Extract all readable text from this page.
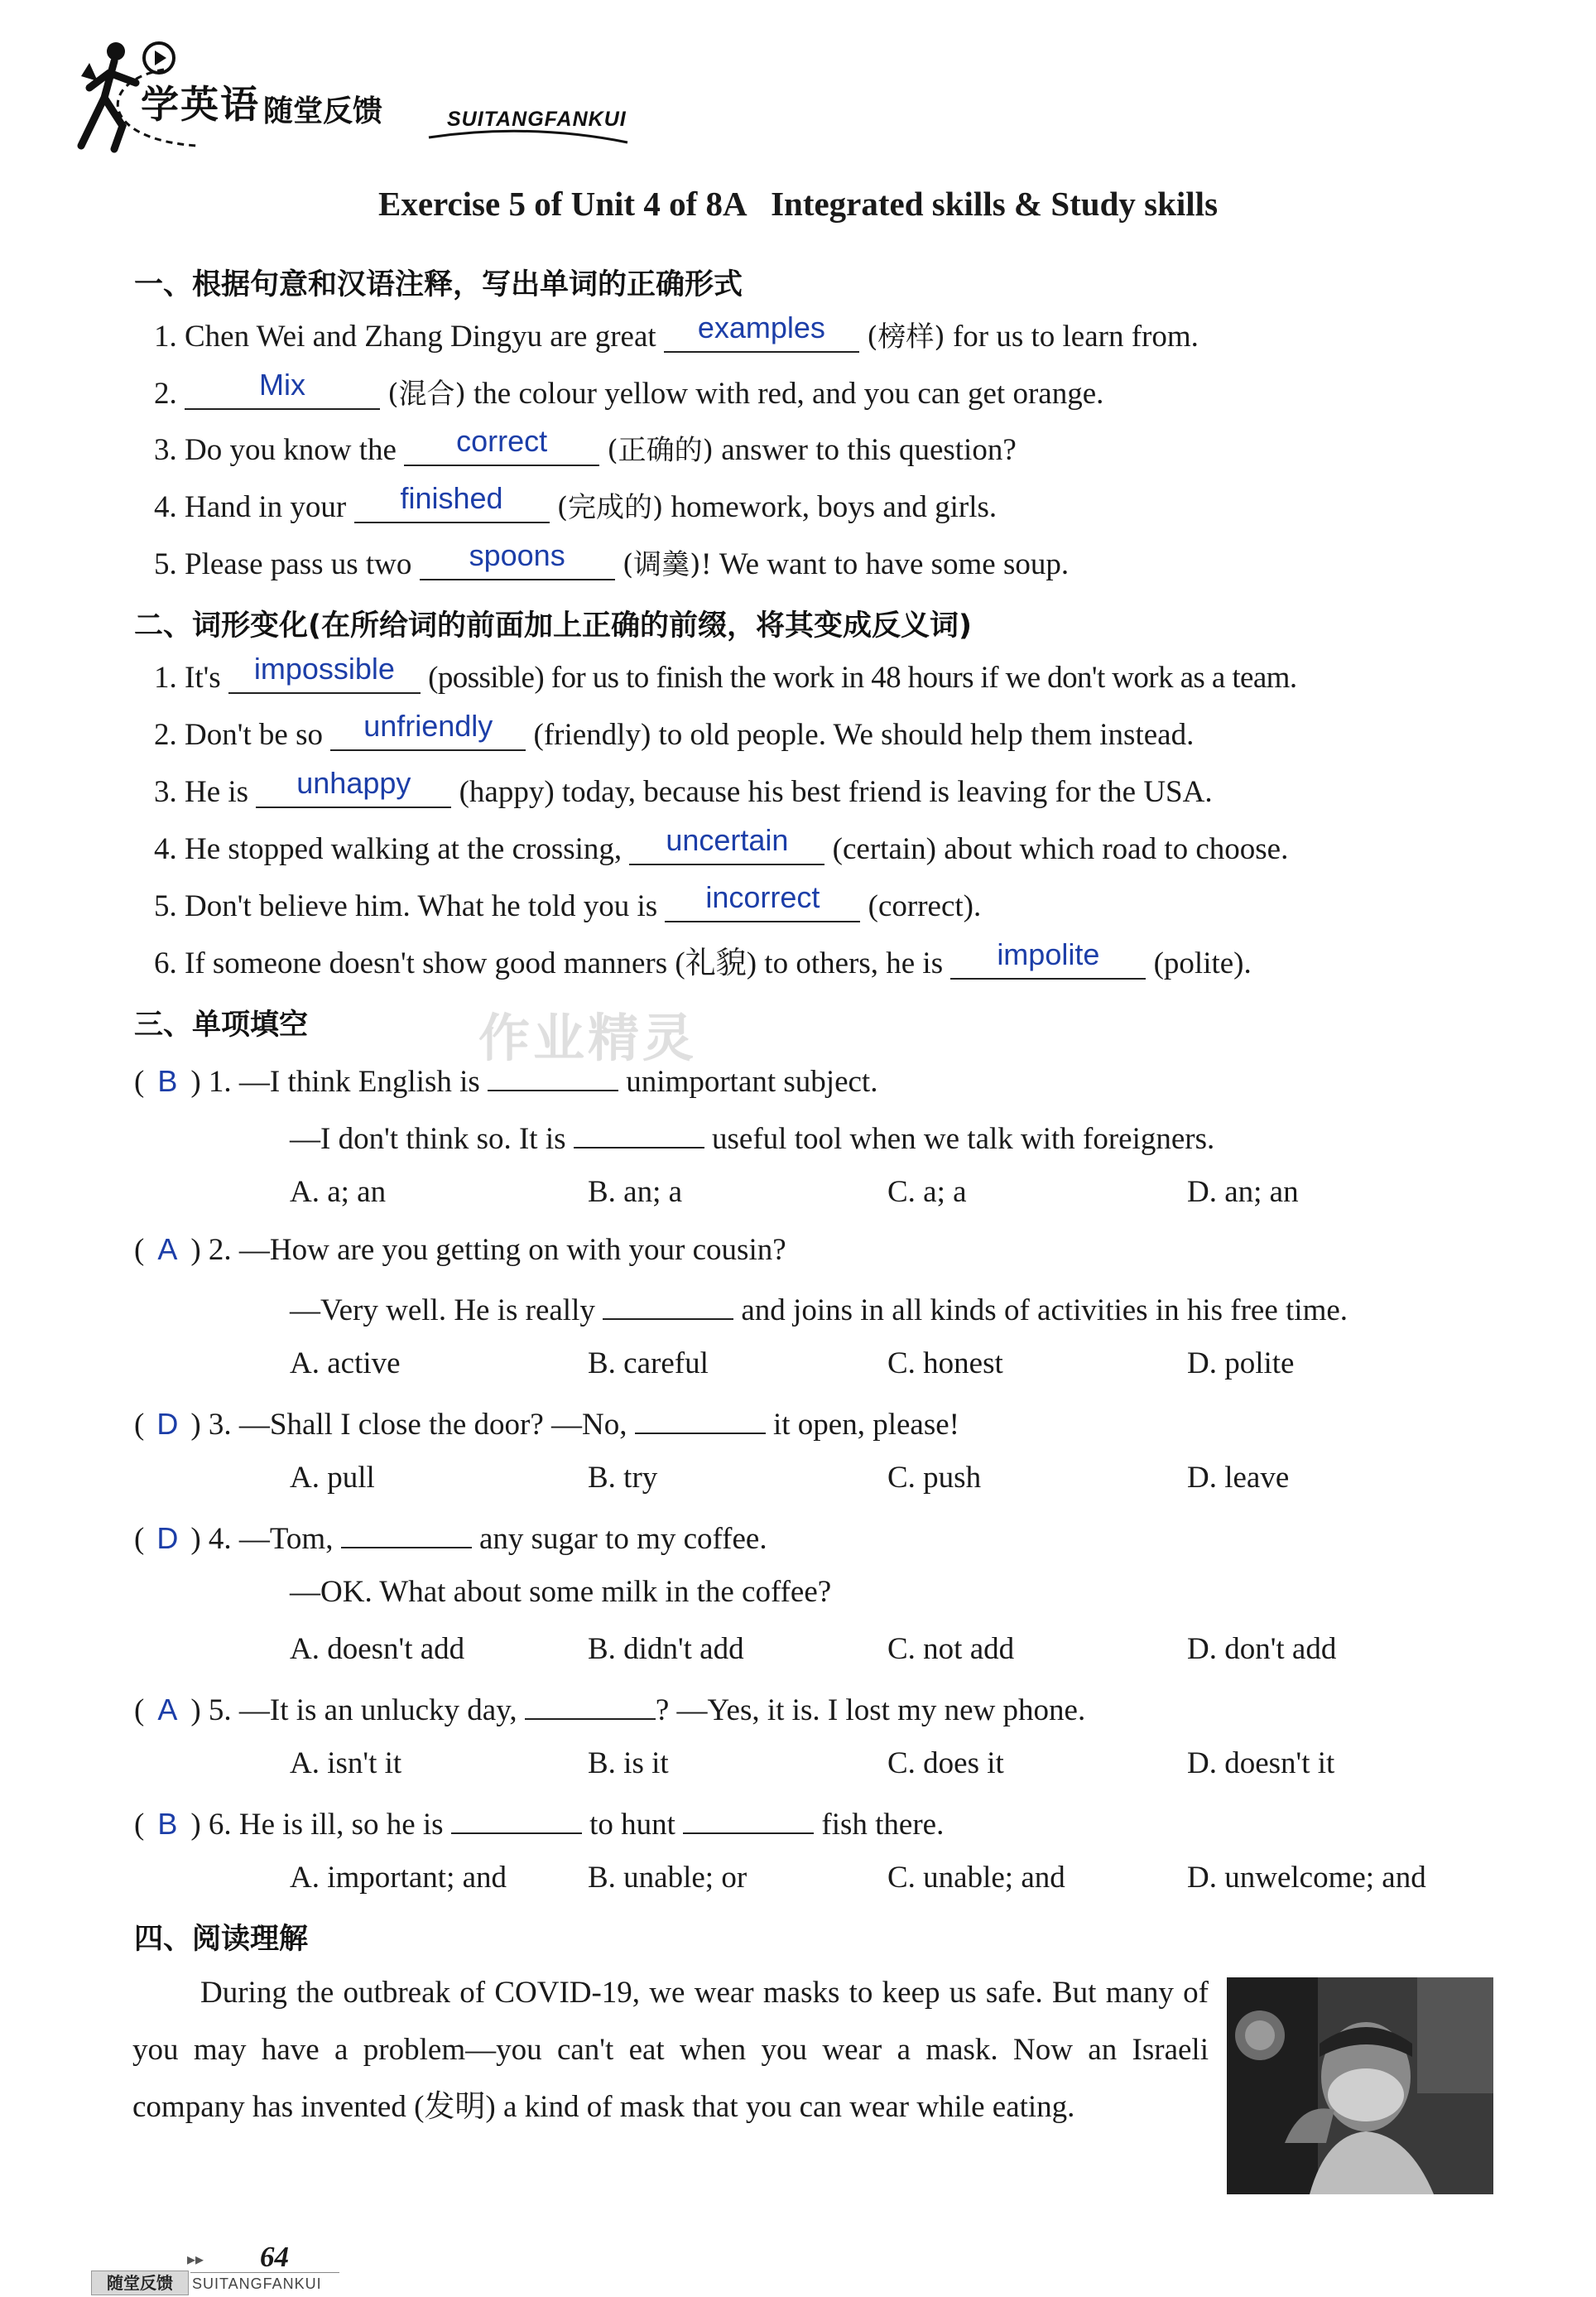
学英语 随堂反馈	SUITANGFANKUI
Exercise 5 of Unit 4 of 8A   Integrated skills & Study skills
一、根据句意和汉语注释，写出单词的正确形式
1. Chen Wei and Zhang Dingyu are great examples (榜样) for us to learn from.
2.	Mix	(混合) the colour yellow with red, and you can get orange.
3. Do you know the correct (正确的) answer to this question?
4. Hand in your finished (完成的) homework, boys and girls.
5. Please pass us two spoons (调羹)! We want to have some soup.
二、词形变化(在所给词的前面加上正确的前缀，将其变成反义词)
1. It's impossible (possible) for us to finish the work in 48 hours if we don't work as a team.
2. Don't be so unfriendly (friendly) to old people. We should help them instead.
3. He is unhappy (happy) today, because his best friend is leaving for the USA.
4. He stopped walking at the crossing, uncertain (certain) about which road to choose.
5. Don't believe him. What he told you is incorrect (correct).
6. If someone doesn't show good manners (礼貌) to others, he is impolite (polite).
三、单项填空	作业精灵
( B ) 1. —I think English is	unimportant subject.
—I don't think so. It is	useful tool when we talk with foreigners.
A. a; an	B. an; a	C. a; a	D. an; an
( A ) 2. —How are you getting on with your cousin?
—Very well. He is really	and joins in all kinds of activities in his free time.
A. active	B. careful	C. honest	D. polite
( D ) 3. —Shall I close the door? —No,	it open, please!
A. pull	B. try	C. push	D. leave
( D ) 4. —Tom,	any sugar to my coffee.
—OK. What about some milk in the coffee?
A. doesn't add	B. didn't add	C. not add	D. don't add
( A ) 5. —It is an unlucky day,	? —Yes, it is. I lost my new phone.
A. isn't it	B. is it	C. does it	D. doesn't it
( B ) 6. He is ill, so he is	to hunt	fish there.
A. important; and	B. unable; or	C. unable; and	D. unwelcome; and
四、阅读理解
During the outbreak of COVID-19, we wear masks to keep us safe. But many of you may have a problem—you can't eat when you wear a mask. Now an Israeli company has invented (发明) a kind of mask that you can wear while eating.
▸▸ 64
随堂反馈	SUITANGFANKUI
